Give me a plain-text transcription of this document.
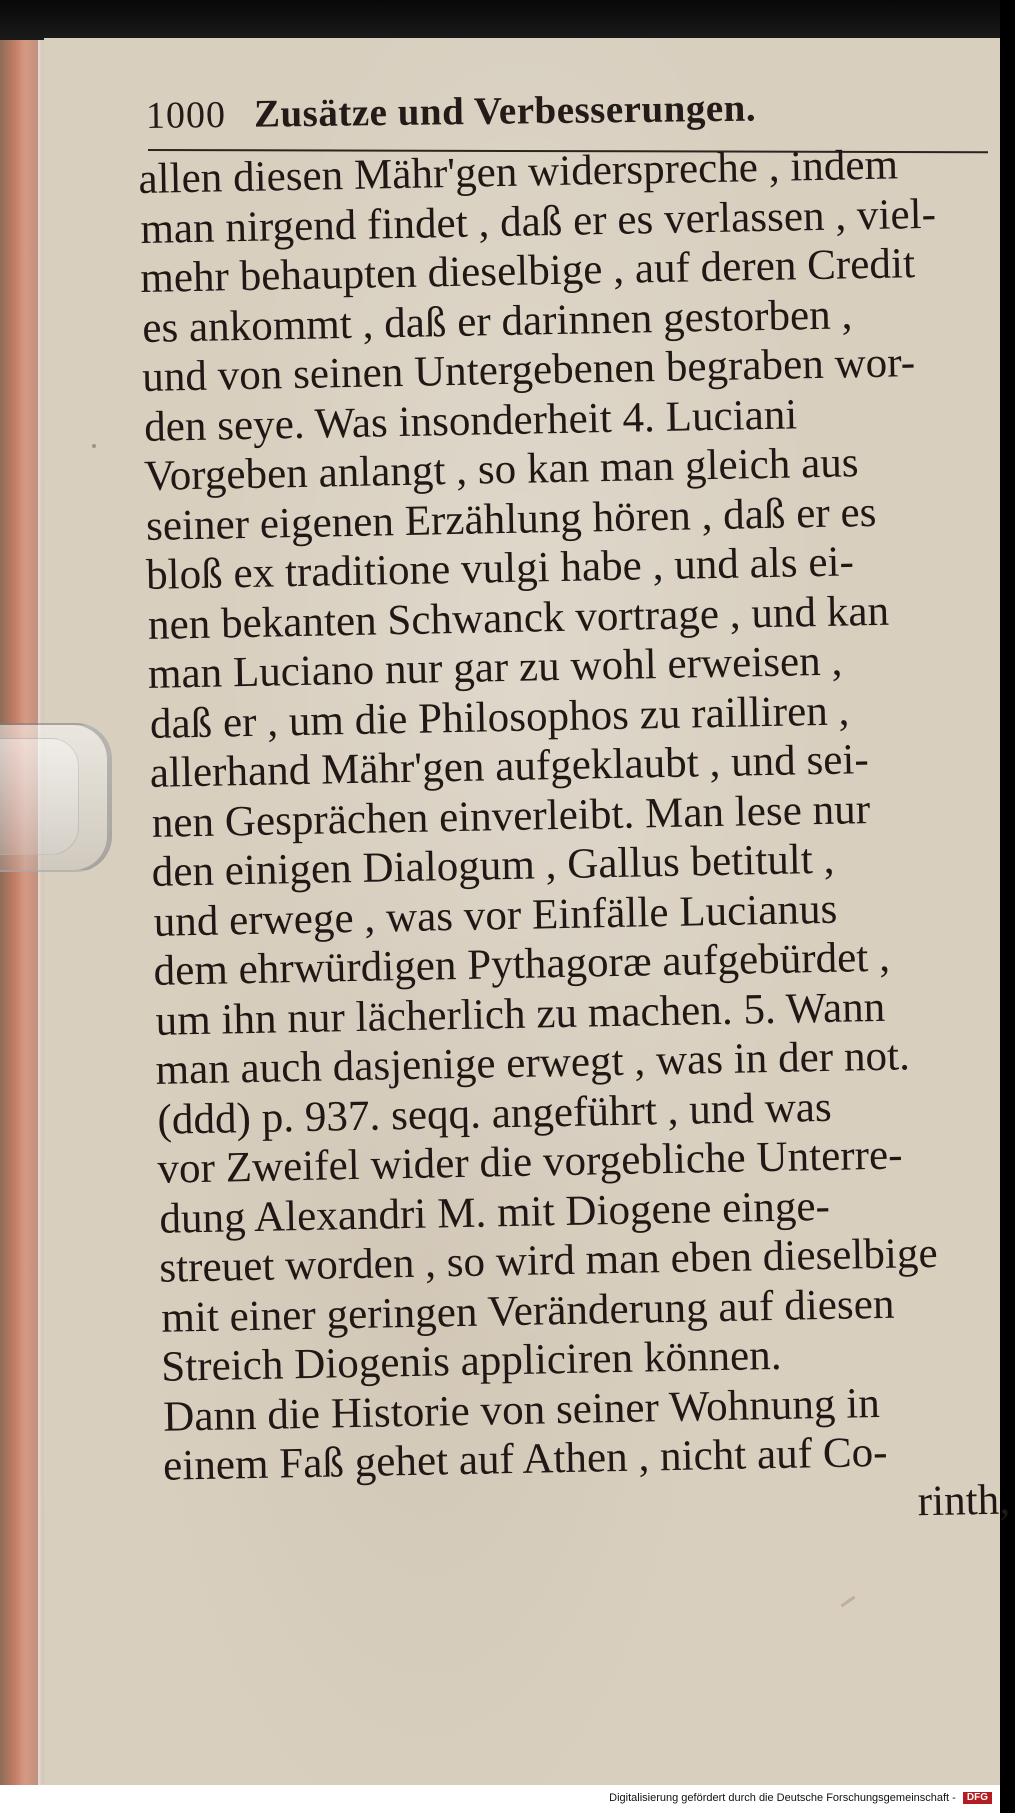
1000 Zusätze und Verbesserungen.
allen diesen Mähr'gen widerspreche , indem
man nirgend findet , daß er es verlassen , viel-
mehr behaupten dieselbige , auf deren Credit
es ankommt , daß er darinnen gestorben ,
und von seinen Untergebenen begraben wor-
den seye. Was insonderheit 4. Luciani
Vorgeben anlangt , so kan man gleich aus
seiner eigenen Erzählung hören , daß er es
bloß ex traditione vulgi habe , und als ei-
nen bekanten Schwanck vortrage , und kan
man Luciano nur gar zu wohl erweisen ,
daß er , um die Philosophos zu railliren ,
allerhand Mähr'gen aufgeklaubt , und sei-
nen Gesprächen einverleibt. Man lese nur
den einigen Dialogum , Gallus betitult ,
und erwege , was vor Einfälle Lucianus
dem ehrwürdigen Pythagoræ aufgebürdet ,
um ihn nur lächerlich zu machen. 5. Wann
man auch dasjenige erwegt , was in der not.
(ddd) p. 937. seqq. angeführt , und was
vor Zweifel wider die vorgebliche Unterre-
dung Alexandri M. mit Diogene einge-
streuet worden , so wird man eben dieselbige
mit einer geringen Veränderung auf diesen
Streich Diogenis appliciren können.
Dann die Historie von seiner Wohnung in
einem Faß gehet auf Athen , nicht auf Co-
rinth,
Digitalisierung gefördert durch die Deutsche Forschungsgemeinschaft - DFG
